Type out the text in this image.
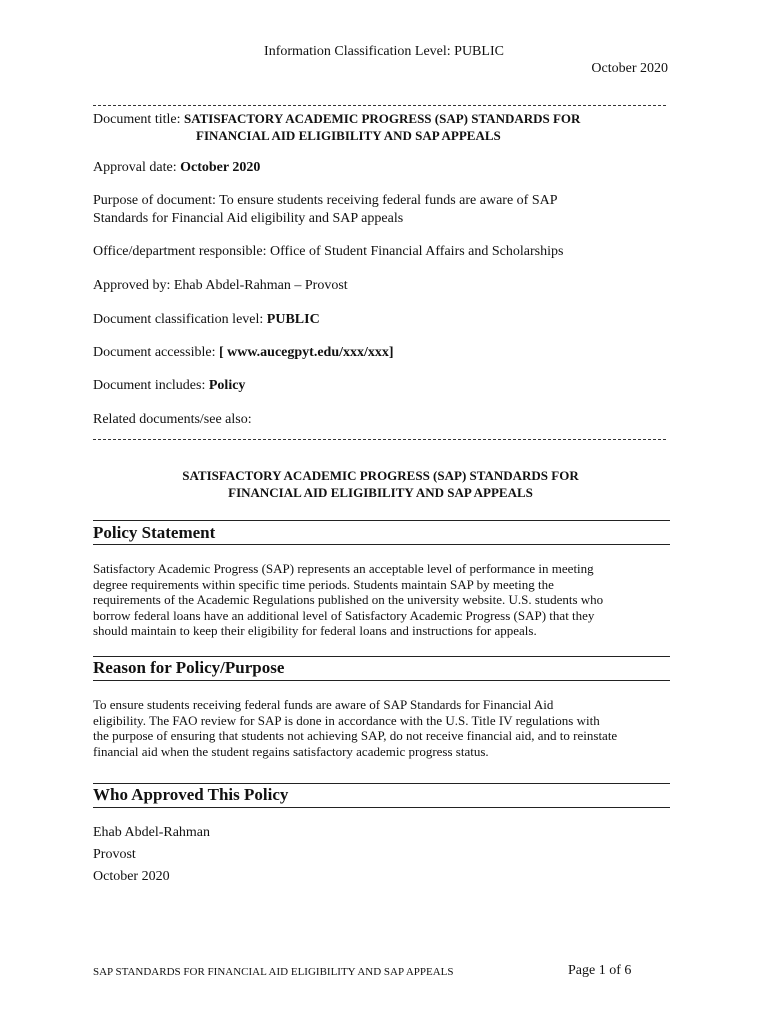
Information Classification Level: PUBLIC
October 2020
Document title: SATISFACTORY ACADEMIC PROGRESS (SAP) STANDARDS FOR
FINANCIAL AID ELIGIBILITY AND SAP APPEALS
Approval date: October 2020
Purpose of document: To ensure students receiving federal funds are aware of SAP
Standards for Financial Aid eligibility and SAP appeals
Office/department responsible: Office of Student Financial Affairs and Scholarships
Approved by: Ehab Abdel-Rahman – Provost
Document classification level: PUBLIC
Document accessible: [ www.aucegpyt.edu/xxx/xxx]
Document includes: Policy
Related documents/see also:
SATISFACTORY ACADEMIC PROGRESS (SAP) STANDARDS FOR
FINANCIAL AID ELIGIBILITY AND SAP APPEALS
Policy Statement
Satisfactory Academic Progress (SAP) represents an acceptable level of performance in meeting
degree requirements within specific time periods. Students maintain SAP by meeting the
requirements of the Academic Regulations published on the university website. U.S. students who
borrow federal loans have an additional level of Satisfactory Academic Progress (SAP) that they
should maintain to keep their eligibility for federal loans and instructions for appeals.
Reason for Policy/Purpose
To ensure students receiving federal funds are aware of SAP Standards for Financial Aid
eligibility. The FAO review for SAP is done in accordance with the U.S. Title IV regulations with
the purpose of ensuring that students not achieving SAP, do not receive financial aid, and to reinstate
financial aid when the student regains satisfactory academic progress status.
Who Approved This Policy
Ehab Abdel-Rahman
Provost
October 2020
SAP STANDARDS FOR FINANCIAL AID ELIGIBILITY AND SAP APPEALS	Page 1 of 6
